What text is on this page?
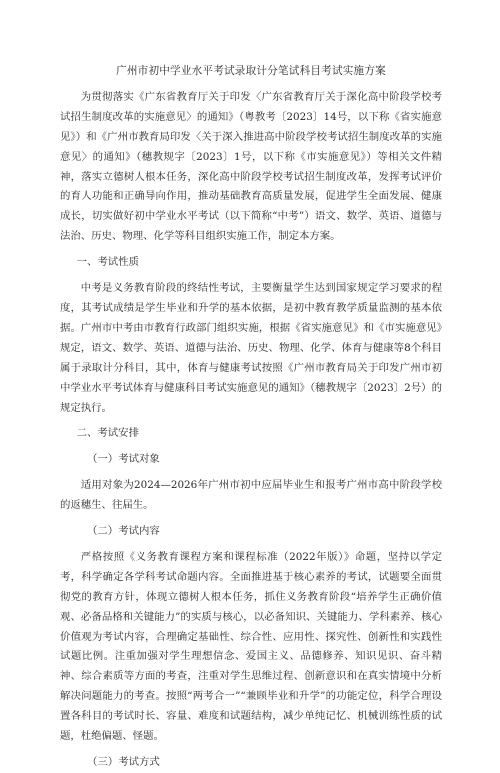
广州市初中学业水平考试录取计分笔试科目考试实施方案

为贯彻落实《广东省教育厅关于印发〈广东省教育厅关于深化高中阶段学校考试招生制度改革的实施意见〉的通知》（粤教考〔2023〕14号，以下称《省实施意见》）和《广州市教育局印发〈关于深入推进高中阶段学校考试招生制度改革的实施意见〉的通知》（穗教规字〔2023〕1号，以下称《市实施意见》）等相关文件精神，落实立德树人根本任务，深化高中阶段学校考试招生制度改革，发挥考试评价的育人功能和正确导向作用，推动基础教育高质量发展，促进学生全面发展、健康成长，切实做好初中学业水平考试（以下简称“中考”）语文、数学、英语、道德与法治、历史、物理、化学等科目组织实施工作，制定本方案。

一、考试性质

中考是义务教育阶段的终结性考试，主要衡量学生达到国家规定学习要求的程度，其考试成绩是学生毕业和升学的基本依据，是初中教育教学质量监测的基本依据。广州市中考由市教育行政部门组织实施，根据《省实施意见》和《市实施意见》规定，语文、数学、英语、道德与法治、历史、物理、化学、体育与健康等8个科目属于录取计分科目，其中，体育与健康考试按照《广州市教育局关于印发广州市初中学业水平考试体育与健康科目考试实施意见的通知》（穗教规字〔2023〕2号）的规定执行。

二、考试安排
（一）考试对象

适用对象为2024—2026年广州市初中应届毕业生和报考广州市高中阶段学校的返穗生、往届生。

（二）考试内容

严格按照《义务教育课程方案和课程标准（2022年版）》命题，坚持以学定考，科学确定各学科考试命题内容。全面推进基于核心素养的考试，试题要全面贯彻党的教育方针，体现立德树人根本任务，抓住义务教育阶段“培养学生正确价值观、必备品格和关键能力”的实质与核心，以必备知识、关键能力、学科素养、核心价值观为考试内容，合理确定基础性、综合性、应用性、探究性、创新性和实践性试题比例。注重加强对学生理想信念、爱国主义、品德修养、知识见识、奋斗精神、综合素质等方面的考查，注重对学生思维过程、创新意识和在真实情境中分析解决问题能力的考查。按照“两考合一”“兼顾毕业和升学”的功能定位，科学合理设置各科目的考试时长、容量、难度和试题结构，减少单纯记忆、机械训练性质的试题，杜绝偏题、怪题。

（三）考试方式
